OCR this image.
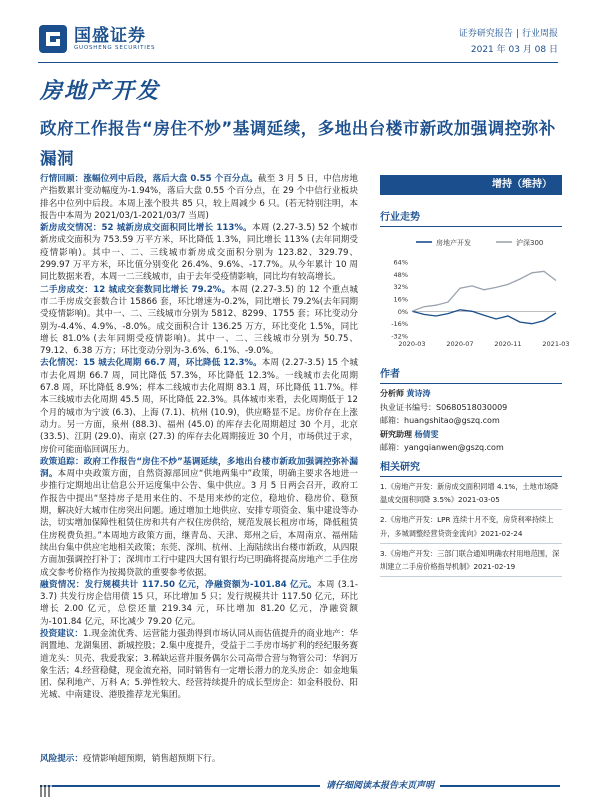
国盛证券
GUOSHENG SECURITIES
证券研究报告 | 行业周报
2021 年 03 月 08 日
房地产开发
政府工作报告“房住不炒”基调延续，多地出台楼市新政加强调控弥补漏洞

行情回顾：涨幅位列中后段，落后大盘 0.55 个百分点。截至 3 月 5 日，中信房地产指数累计变动幅度为-1.94%，落后大盘 0.55 个百分点，在 29 个中信行业板块排名中位列中后段。本周上涨个股共 85 只，较上周减少 6 只。(若无特别注明，本报告中本周为 2021/03/1-2021/03/7 当周)

新房成交情况：52 城新房成交面积同比增长 113%。本周 (2.27-3.5) 52 个城市新房成交面积为 753.59 万平方米，环比降低 1.3%，同比增长 113% (去年同期受疫情影响)。其中一、二、三线城市新房成交面积分别为 123.82、329.79、299.97 万平方米，环比值分别变化 26.4%、9.6%、-17.7%。从今年累计 10 周同比数据来看，本周一二三线城市，由于去年受疫情影响，同比均有较高增长。

二手房成交：12 城成交套数同比增长 79.2%。本周 (2.27-3.5) 的 12 个重点城市二手房成交套数合计 15866 套，环比增速为-0.2%，同比增长 79.2%(去年同期受疫情影响)。其中一、二、三线城市分别为 5812、8299、1755 套；环比变动分别为-4.4%、4.9%、-8.0%。成交面积合计 136.25 万方，环比变化 1.5%，同比增长 81.0% (去年同期受疫情影响)。其中一、二、三线城市分别为 50.75、79.12、6.38 万方；环比变动分别为-3.6%、6.1%、-9.0%。

去化情况：15 城去化周期 66.7 周，环比降低 12.3%。本周 (2.27-3.5) 15 个城市去化周期 66.7 周，同比降低 57.3%，环比降低 12.3%。一线城市去化周期 67.8 周，环比降低 8.9%；样本二线城市去化周期 83.1 周，环比降低 11.7%。样本三线城市去化周期 45.5 周，环比降低 22.3%。具体城市来看，去化周期低于 12 个月的城市为宁波 (6.3)、上海 (7.1)、杭州 (10.9)，供应略显不足。房价存在上涨动力。另一方面，泉州 (88.3)、福州 (45.0) 的库存去化周期超过 30 个月，北京 (33.5)、江阴 (29.0)、南京 (27.3) 的库存去化周期接近 30 个月，市场供过于求，房价可能面临回调压力。

政策追踪：政府工作报告“房住不炒”基调延续，多地出台楼市新政加强调控弥补漏洞。本周中央政策方面，自然资源部回应“供地两集中”政策，明确主要求各地进一步推行定期地出让信息公开运度集中公告、集中供应。3 月 5 日两会召开，政府工作报告中提出“坚持房子是用来住的、不是用来炒的定位，稳地价、稳房价、稳预期，解决好大城市住房突出问题。通过增加土地供应、安排专项资金、集中建设等办法，切实增加保障性租赁住房和共有产权住房供给，规范发展长租房市场，降低租赁住房税费负担。”本周地方政策方面，继青岛、天津、郑州之后，本周南京、福州陆续出台集中供应宅地相关政策；东莞、深圳、杭州、上海陆续出台楼市新政，从四限方面加强调控打补丁；深圳市工行中建四大国有银行均已明确将提高房地产二手住房成交参考价格作为按揭贷款的重要参考依据。

融资情况：发行规模共计 117.50 亿元，净融资额为-101.84 亿元。本周 (3.1-3.7) 共发行房企信用债 15 只，环比增加 5 只；发行规模共计 117.50 亿元，环比增长 2.00 亿元，总偿还量 219.34 元，环比增加 81.20 亿元，净融资额为-101.84 亿元，环比减少 79.20 亿元。

投资建议：1.现金流优秀、运营能力强劲得到市场认同从而估值提升的商业地产：华润置地、龙湖集团、新城控股；2.集中度提升，受益于二手房市场扩利的经纪服务赛道龙头：贝壳、我爱我家；3.稀缺运营并服务偶尔公司高带合营与物管公司：华润万象生活；4.经营稳健，现金流充裕，同时销售有一定增长潜力的龙头房企：如金地集团、保利地产、万科 A；5.弹性较大、经营持续提升的成长型房企：如金科股份、阳光城、中南建设、港股推荐龙光集团。

风险提示：疫情影响超预期，销售超预期下行。
增持（维持）
行业走势
房地产开发	沪深300
64%
48%
32%
16%
0%
-16%
-32%
2020-03	2020-07	2020-11	2021-03
作者
分析师 黄诗涛
执业证书编号：S0680518030009
邮箱：huangshitao@gszq.com
研究助理 杨倩雯
邮箱：yangqianwen@gszq.com
相关研究
1.《房地产开发：新房成交面积同增 4.1%，土地市场降温成交面积同降 3.5%》2021-03-05
2.《房地产开发：LPR 连续十月不变，房贷利率持续上升，多城调整经营贷资金流向》2021-02-24
3.《房地产开发：三部门联合通知明确农村用地范围，深圳建立二手房价格指导机制》2021-02-19
请仔细阅读本报告末页声明
